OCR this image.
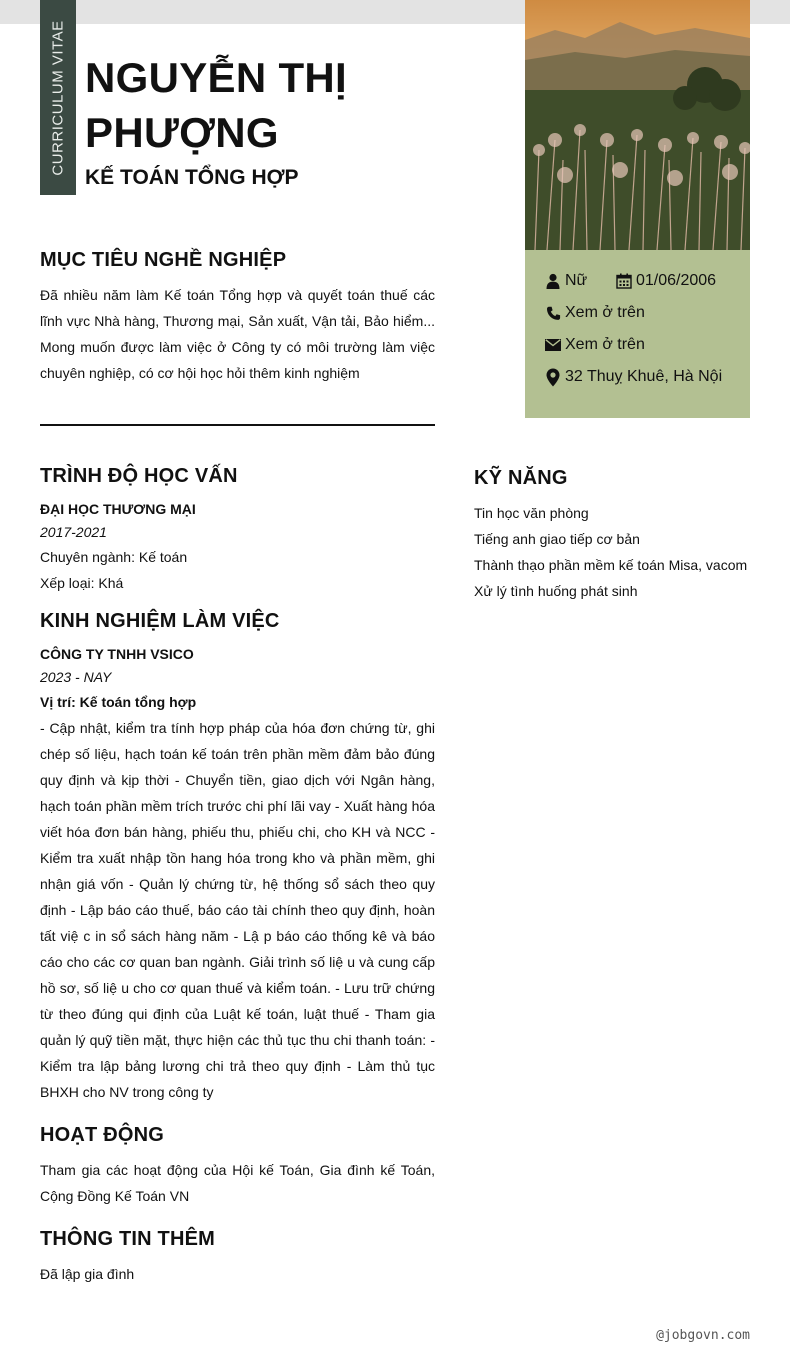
CURRICULUM VITAE NGUYỄN THỊ PHƯỢNG
KẾ TOÁN TỔNG HỢP
Nữ	01/06/2006
Xem ở trên
Xem ở trên
32 Thuỵ Khuê, Hà Nội
MỤC TIÊU NGHỀ NGHIỆP
Đã nhiều năm làm Kế toán Tổng hợp và quyết toán thuế các lĩnh vực Nhà hàng, Thương mại, Sản xuất, Vận tải, Bảo hiểm... Mong muốn được làm việc ở Công ty có môi trường làm việc chuyên nghiệp, có cơ hội học hỏi thêm kinh nghiệm
TRÌNH ĐỘ HỌC VẤN
ĐẠI HỌC THƯƠNG MẠI
2017-2021
Chuyên ngành: Kế toán
Xếp loại: Khá
KỸ NĂNG
Tin học văn phòng
Tiếng anh giao tiếp cơ bản
Thành thạo phần mềm kế toán Misa, vacom
Xử lý tình huống phát sinh
KINH NGHIỆM LÀM VIỆC
CÔNG TY TNHH VSICO
2023 - NAY
Vị trí: Kế toán tổng hợp
- Cập nhật, kiểm tra tính hợp pháp của hóa đơn chứng từ, ghi chép số liệu, hạch toán kế toán trên phần mềm đảm bảo đúng quy định và kịp thời - Chuyển tiền, giao dịch với Ngân hàng, hạch toán phần mềm trích trước chi phí lãi vay - Xuất hàng hóa viết hóa đơn bán hàng, phiếu thu, phiếu chi, cho KH và NCC - Kiểm tra xuất nhập tồn hang hóa trong kho và phần mềm, ghi nhận giá vốn - Quản lý chứng từ, hệ thống sổ sách theo quy định - Lập báo cáo thuế, báo cáo tài chính theo quy định, hoàn tất việ c in sổ sách hàng năm - Lậ p báo cáo thống kê và báo cáo cho các cơ quan ban ngành. Giải trình số liệ u và cung cấp hồ sơ, số liệ u cho cơ quan thuế và kiểm toán. - Lưu trữ chứng từ theo đúng qui định của Luật kế toán, luật thuế - Tham gia quản lý quỹ tiền mặt, thực hiện các thủ tục thu chi thanh toán: - Kiểm tra lập bảng lương chi trả theo quy định - Làm thủ tục BHXH cho NV trong công ty
HOẠT ĐỘNG
Tham gia các hoạt động của Hội kế Toán, Gia đình kế Toán, Cộng Đồng Kế Toán VN
THÔNG TIN THÊM
Đã lập gia đình
@jobgovn.com
